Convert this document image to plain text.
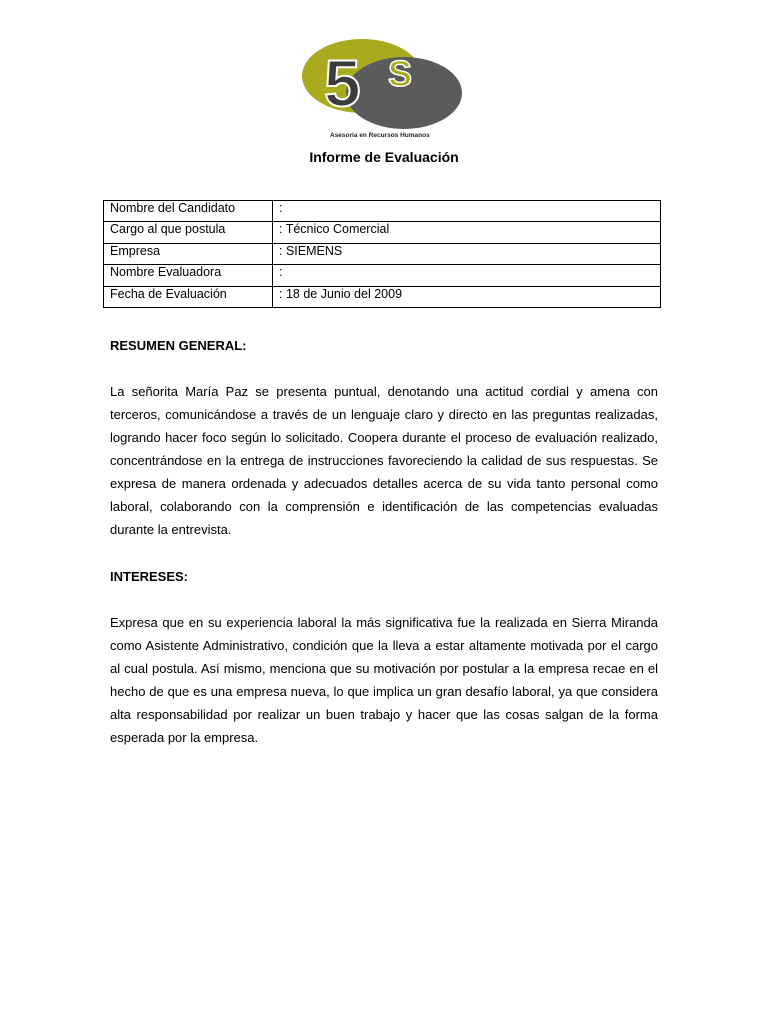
5 S
Asesoría en Recursos Humanos
Informe de Evaluación
Nombre del Candidato	:
Cargo al que postula	: Técnico Comercial
Empresa	: SIEMENS
Nombre Evaluadora	:
Fecha de Evaluación	: 18 de Junio del 2009
RESUMEN GENERAL:

La señorita María Paz se presenta puntual, denotando una actitud cordial y amena con terceros, comunicándose a través de un lenguaje claro y directo en las preguntas realizadas, logrando hacer foco según lo solicitado. Coopera durante el proceso de evaluación realizado, concentrándose en la entrega de instrucciones favoreciendo la calidad de sus respuestas. Se expresa de manera ordenada y adecuados detalles acerca de su vida tanto personal como laboral, colaborando con la comprensión e identificación de las competencias evaluadas durante la entrevista.

INTERESES:

Expresa que en su experiencia laboral la más significativa fue la realizada en Sierra Miranda como Asistente Administrativo, condición que la lleva a estar altamente motivada por el cargo al cual postula. Así mismo, menciona que su motivación por postular a la empresa recae en el hecho de que es una empresa nueva, lo que implica un gran desafío laboral, ya que considera alta responsabilidad por realizar un buen trabajo y hacer que las cosas salgan de la forma esperada por la empresa.
